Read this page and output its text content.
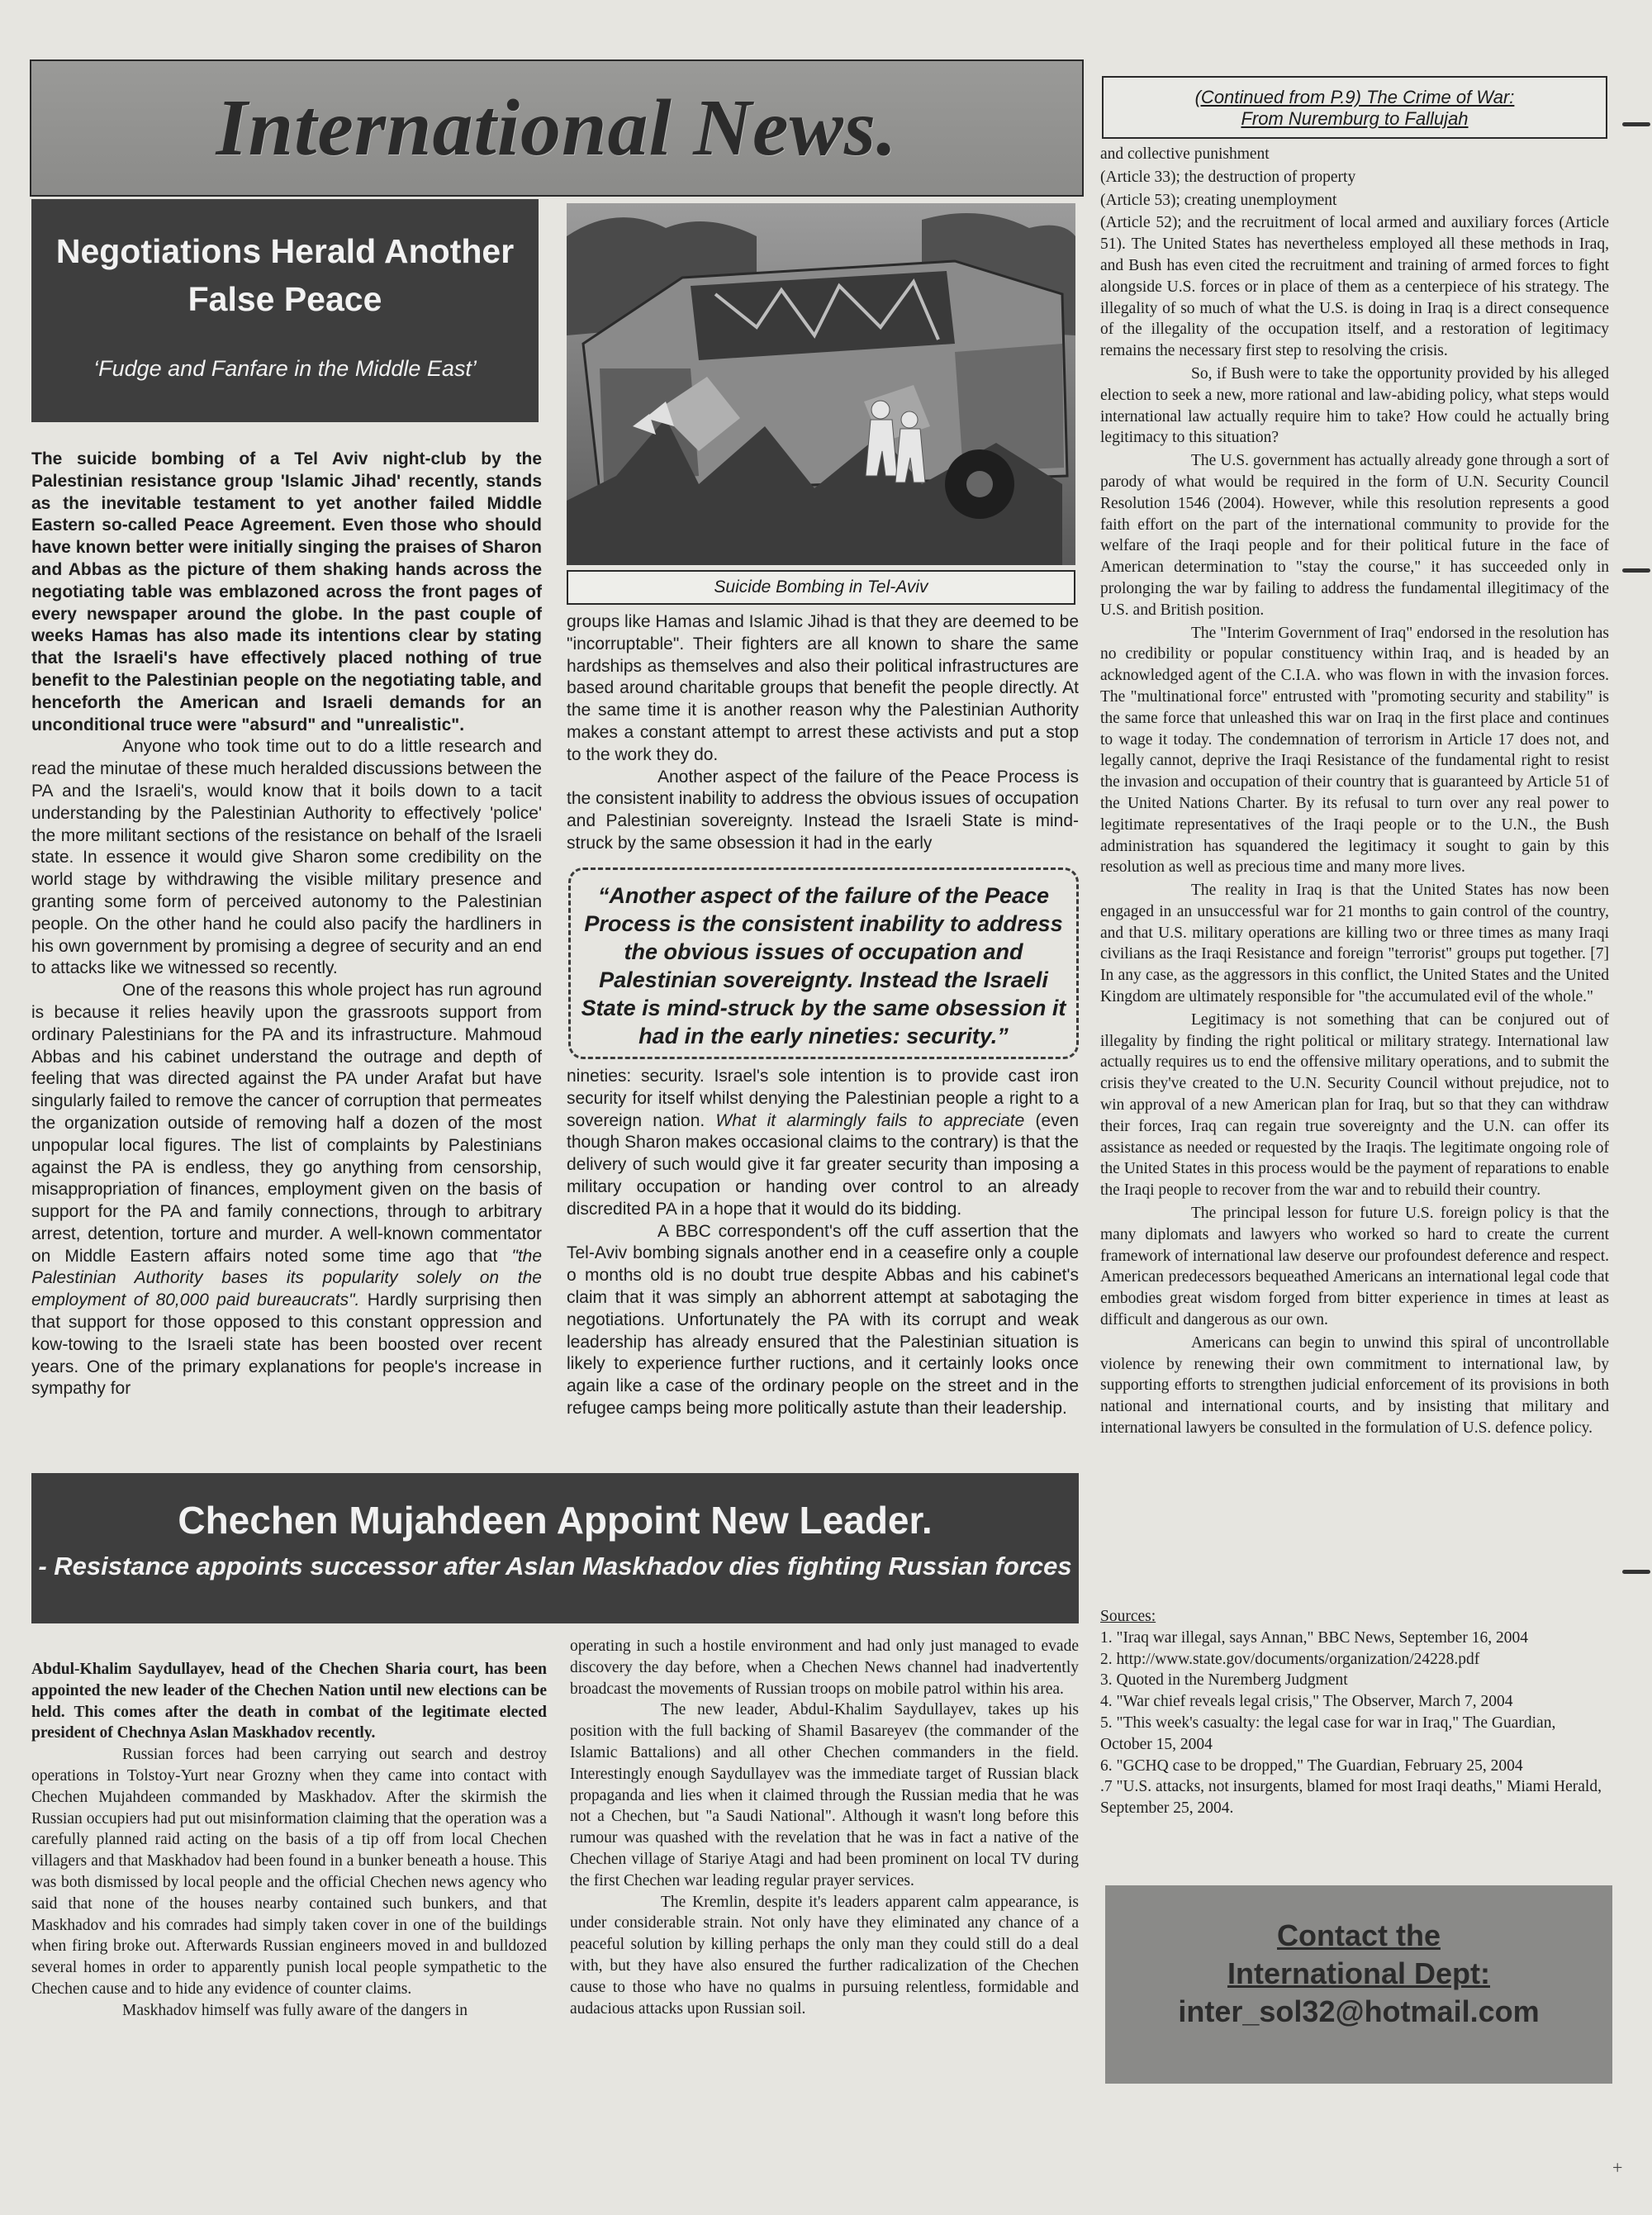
International News.
Negotiations Herald Another False Peace
‘Fudge and Fanfare in the Middle East’
Suicide Bombing in Tel-Aviv

The suicide bombing of a Tel Aviv night-club by the Palestinian resistance group 'Islamic Jihad' recently, stands as the inevitable testament to yet another failed Middle Eastern so-called Peace Agreement. Even those who should have known better were initially singing the praises of Sharon and Abbas as the picture of them shaking hands across the negotiating table was emblazoned across the front pages of every newspaper around the globe. In the past couple of weeks Hamas has also made its intentions clear by stating that the Israeli's have effectively placed nothing of true benefit to the Palestinian people on the negotiating table, and henceforth the American and Israeli demands for an unconditional truce were "absurd" and "unrealistic".

Anyone who took time out to do a little research and read the minutae of these much heralded discussions between the PA and the Israeli's, would know that it boils down to a tacit understanding by the Palestinian Authority to effectively 'police' the more militant sections of the resistance on behalf of the Israeli state. In essence it would give Sharon some credibility on the world stage by withdrawing the visible military presence and granting some form of perceived autonomy to the Palestinian people. On the other hand he could also pacify the hardliners in his own government by promising a degree of security and an end to attacks like we witnessed so recently.

One of the reasons this whole project has run aground is because it relies heavily upon the grassroots support from ordinary Palestinians for the PA and its infrastructure. Mahmoud Abbas and his cabinet understand the outrage and depth of feeling that was directed against the PA under Arafat but have singularly failed to remove the cancer of corruption that permeates the organization outside of removing half a dozen of the most unpopular local figures. The list of complaints by Palestinians against the PA is endless, they go anything from censorship, misappropriation of finances, employment given on the basis of support for the PA and family connections, through to arbitrary arrest, detention, torture and murder. A well-known commentator on Middle Eastern affairs noted some time ago that "the Palestinian Authority bases its popularity solely on the employment of 80,000 paid bureaucrats". Hardly surprising then that support for those opposed to this constant oppression and kow-towing to the Israeli state has been boosted over recent years. One of the primary explanations for people's increase in sympathy for

groups like Hamas and Islamic Jihad is that they are deemed to be "incorruptable". Their fighters are all known to share the same hardships as themselves and also their political infrastructures are based around charitable groups that benefit the people directly. At the same time it is another reason why the Palestinian Authority makes a constant attempt to arrest these activists and put a stop to the work they do.

Another aspect of the failure of the Peace Process is the consistent inability to address the obvious issues of occupation and Palestinian sovereignty. Instead the Israeli State is mind-struck by the same obsession it had in the early

“Another aspect of the failure of the Peace Process is the consistent inability to address the obvious issues of occupation and Palestinian sovereignty. Instead the Israeli State is mind-struck by the same obsession it had in the early nineties: security.”

nineties: security. Israel's sole intention is to provide cast iron security for itself whilst denying the Palestinian people a right to a sovereign nation. What it alarmingly fails to appreciate (even though Sharon makes occasional claims to the contrary) is that the delivery of such would give it far greater security than imposing a military occupation or handing over control to an already discredited PA in a hope that it would do its bidding.

A BBC correspondent's off the cuff assertion that the Tel-Aviv bombing signals another end in a ceasefire only a couple o months old is no doubt true despite Abbas and his cabinet's claim that it was simply an abhorrent attempt at sabotaging the negotiations. Unfortunately the PA with its corrupt and weak leadership has already ensured that the Palestinian situation is likely to experience further ructions, and it certainly looks once again like a case of the ordinary people on the street and in the refugee camps being more politically astute than their leadership.

Chechen Mujahdeen Appoint New Leader.
- Resistance appoints successor after Aslan Maskhadov dies fighting Russian forces

Abdul-Khalim Saydullayev, head of the Chechen Sharia court, has been appointed the new leader of the Chechen Nation until new elections can be held. This comes after the death in combat of the legitimate elected president of Chechnya Aslan Maskhadov recently.

Russian forces had been carrying out search and destroy operations in Tolstoy-Yurt near Grozny when they came into contact with Chechen Mujahdeen commanded by Maskhadov. After the skirmish the Russian occupiers had put out misinformation claiming that the operation was a carefully planned raid acting on the basis of a tip off from local Chechen villagers and that Maskhadov had been found in a bunker beneath a house. This was both dismissed by local people and the official Chechen news agency who said that none of the houses nearby contained such bunkers, and that Maskhadov and his comrades had simply taken cover in one of the buildings when firing broke out. Afterwards Russian engineers moved in and bulldozed several homes in order to apparently punish local people sympathetic to the Chechen cause and to hide any evidence of counter claims.

Maskhadov himself was fully aware of the dangers in

operating in such a hostile environment and had only just managed to evade discovery the day before, when a Chechen News channel had inadvertently broadcast the movements of Russian troops on mobile patrol within his area.

The new leader, Abdul-Khalim Saydullayev, takes up his position with the full backing of Shamil Basareyev (the commander of the Islamic Battalions) and all other Chechen commanders in the field. Interestingly enough Saydullayev was the immediate target of Russian black propaganda and lies when it claimed through the Russian media that he was not a Chechen, but "a Saudi National". Although it wasn't long before this rumour was quashed with the revelation that he was in fact a native of the Chechen village of Stariye Atagi and had been prominent on local TV during the first Chechen war leading regular prayer services.

The Kremlin, despite it's leaders apparent calm appearance, is under considerable strain. Not only have they eliminated any chance of a peaceful solution by killing perhaps the only man they could still do a deal with, but they have also ensured the further radicalization of the Chechen cause to those who have no qualms in pursuing relentless, formidable and audacious attacks upon Russian soil.

(Continued from P.9) The Crime of War:
From Nuremburg to Fallujah

and collective punishment

(Article 33); the destruction of property

(Article 53); creating unemployment

(Article 52); and the recruitment of local armed and auxiliary forces (Article 51). The United States has nevertheless employed all these methods in Iraq, and Bush has even cited the recruitment and training of armed forces to fight alongside U.S. forces or in place of them as a centerpiece of his strategy. The illegality of so much of what the U.S. is doing in Iraq is a direct consequence of the illegality of the occupation itself, and a restoration of legitimacy remains the necessary first step to resolving the crisis.

So, if Bush were to take the opportunity provided by his alleged election to seek a new, more rational and law-abiding policy, what steps would international law actually require him to take? How could he actually bring legitimacy to this situation?

The U.S. government has actually already gone through a sort of parody of what would be required in the form of U.N. Security Council Resolution 1546 (2004). However, while this resolution represents a good faith effort on the part of the international community to provide for the welfare of the Iraqi people and for their political future in the face of American determination to "stay the course," it has succeeded only in prolonging the war by failing to address the fundamental illegitimacy of the U.S. and British position.

The "Interim Government of Iraq" endorsed in the resolution has no credibility or popular constituency within Iraq, and is headed by an acknowledged agent of the C.I.A. who was flown in with the invasion forces. The "multinational force" entrusted with "promoting security and stability" is the same force that unleashed this war on Iraq in the first place and continues to wage it today. The condemnation of terrorism in Article 17 does not, and legally cannot, deprive the Iraqi Resistance of the fundamental right to resist the invasion and occupation of their country that is guaranteed by Article 51 of the United Nations Charter. By its refusal to turn over any real power to legitimate representatives of the Iraqi people or to the U.N., the Bush administration has squandered the legitimacy it sought to gain by this resolution as well as precious time and many more lives.

The reality in Iraq is that the United States has now been engaged in an unsuccessful war for 21 months to gain control of the country, and that U.S. military operations are killing two or three times as many Iraqi civilians as the Iraqi Resistance and foreign "terrorist" groups put together. [7] In any case, as the aggressors in this conflict, the United States and the United Kingdom are ultimately responsible for "the accumulated evil of the whole."

Legitimacy is not something that can be conjured out of illegality by finding the right political or military strategy. International law actually requires us to end the offensive military operations, and to submit the crisis they've created to the U.N. Security Council without prejudice, not to win approval of a new American plan for Iraq, but so that they can withdraw their forces, Iraq can regain true sovereignty and the U.N. can offer its assistance as needed or requested by the Iraqis. The legitimate ongoing role of the United States in this process would be the payment of reparations to enable the Iraqi people to recover from the war and to rebuild their country.

The principal lesson for future U.S. foreign policy is that the many diplomats and lawyers who worked so hard to create the current framework of international law deserve our profoundest deference and respect. American predecessors bequeathed Americans an international legal code that embodies great wisdom forged from bitter experience in times at least as difficult and dangerous as our own.

Americans can begin to unwind this spiral of uncontrollable violence by renewing their own commitment to international law, by supporting efforts to strengthen judicial enforcement of its provisions in both national and international courts, and by insisting that military and international lawyers be consulted in the formulation of U.S. defence policy.

Sources:
1. "Iraq war illegal, says Annan," BBC News, September 16, 2004
2. http://www.state.gov/documents/organization/24228.pdf
3. Quoted in the Nuremberg Judgment
4. "War chief reveals legal crisis," The Observer, March 7, 2004
5. "This week's casualty: the legal case for war in Iraq," The Guardian, October 15, 2004
6. "GCHQ case to be dropped," The Guardian, February 25, 2004
.7 "U.S. attacks, not insurgents, blamed for most Iraqi deaths," Miami Herald, September 25, 2004.
Contact the
International Dept:
inter_sol32@hotmail.com
+
